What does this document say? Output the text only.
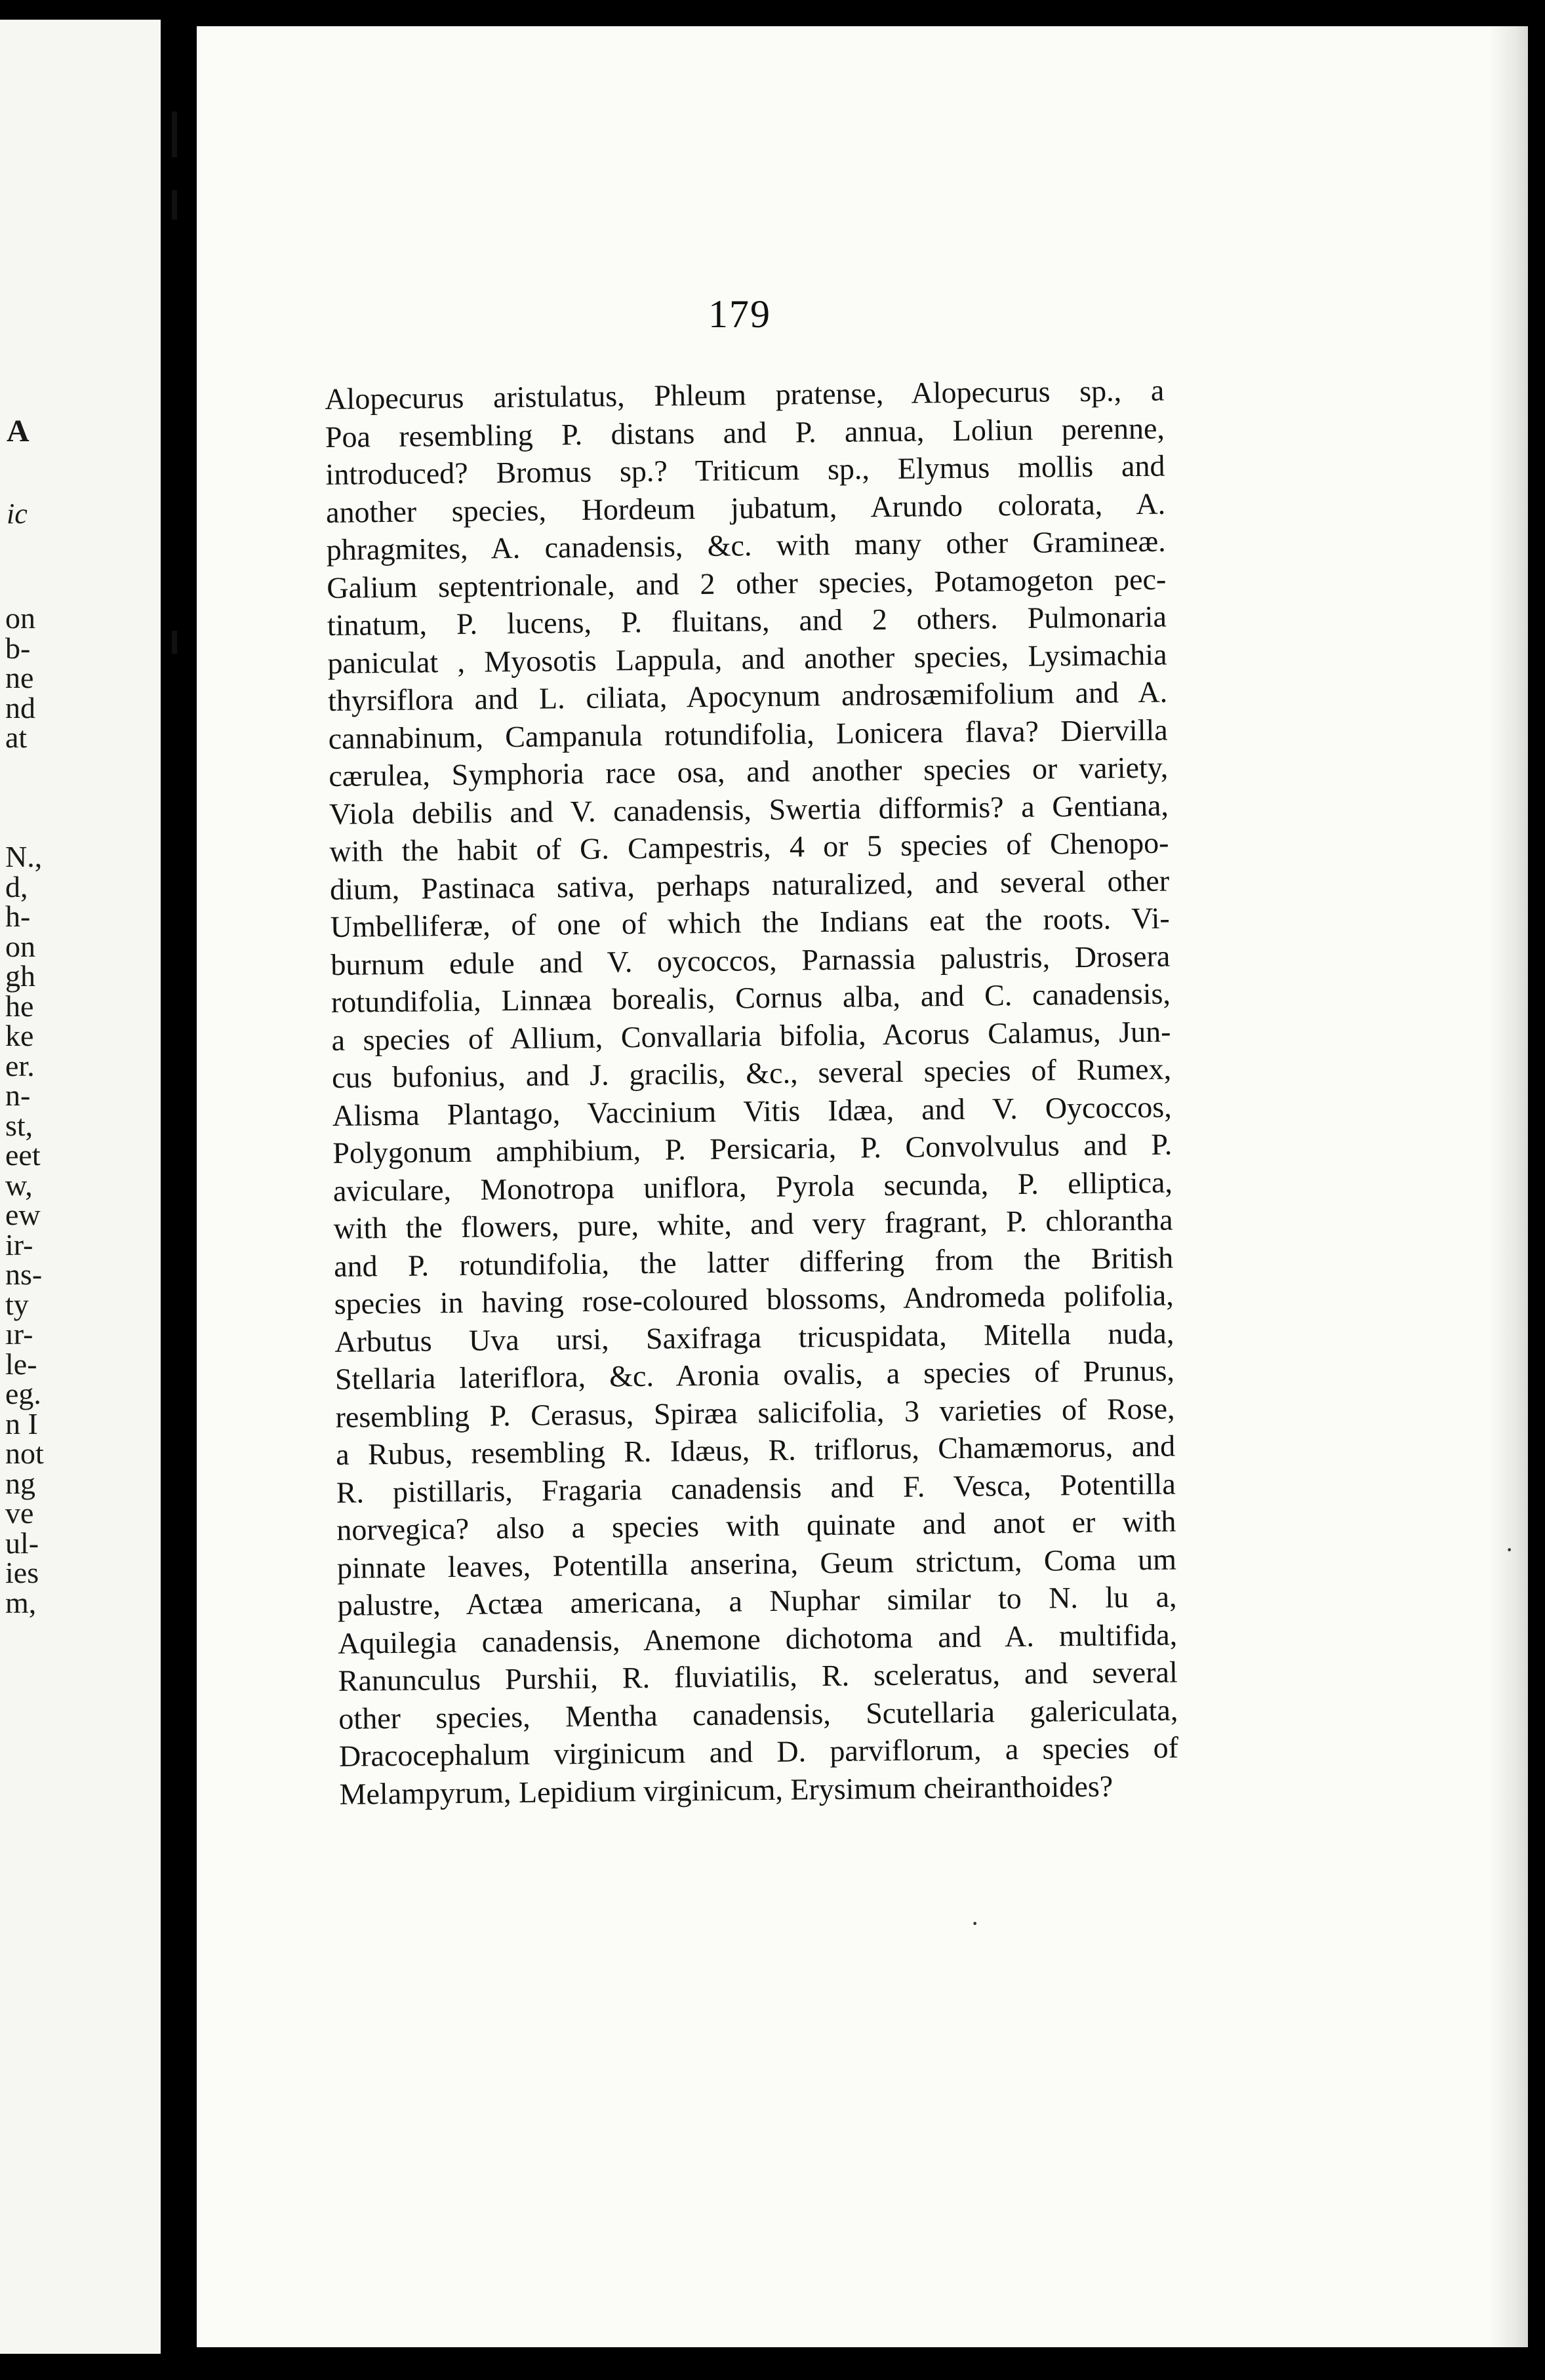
A
ic
on
b-
ne
nd
at
N.,
d,
h-
on
gh
he
ke
er.
n-
st,
eet
w,
ew
ir-
ns-
ty
ır-
le-
eg.
n I
not
ng
ve
ul-
ies
m,
·
·
179
Alopecurus aristulatus, Phleum pratense, Alopecurus sp., a
Poa resembling P. distans and P. annua, Loliun perenne,
introduced? Bromus sp.? Triticum sp., Elymus mollis and
another species, Hordeum jubatum, Arundo colorata, A.
phragmites, A. canadensis, &c. with many other Gramineæ.
Galium septentrionale, and 2 other species, Potamogeton pec-
tinatum, P. lucens, P. fluitans, and 2 others. Pulmonaria
paniculat , Myosotis Lappula, and another species, Lysimachia
thyrsiflora and L. ciliata, Apocynum androsæmifolium and A.
cannabinum, Campanula rotundifolia, Lonicera flava? Diervilla
cærulea, Symphoria race osa, and another species or variety,
Viola debilis and V. canadensis, Swertia difformis? a Gentiana,
with the habit of G. Campestris, 4 or 5 species of Chenopo-
dium, Pastinaca sativa, perhaps naturalized, and several other
Umbelliferæ, of one of which the Indians eat the roots. Vi-
burnum edule and V. oycoccos, Parnassia palustris, Drosera
rotundifolia, Linnæa borealis, Cornus alba, and C. canadensis,
a species of Allium, Convallaria bifolia, Acorus Calamus, Jun-
cus bufonius, and J. gracilis, &c., several species of Rumex,
Alisma Plantago, Vaccinium Vitis Idæa, and V. Oycoccos,
Polygonum amphibium, P. Persicaria, P. Convolvulus and P.
aviculare, Monotropa uniflora, Pyrola secunda, P. elliptica,
with the flowers, pure, white, and very fragrant, P. chlorantha
and P. rotundifolia, the latter differing from the British
species in having rose-coloured blossoms, Andromeda polifolia,
Arbutus Uva ursi, Saxifraga tricuspidata, Mitella nuda,
Stellaria lateriflora, &c. Aronia ovalis, a species of Prunus,
resembling P. Cerasus, Spiræa salicifolia, 3 varieties of Rose,
a Rubus, resembling R. Idæus, R. triflorus, Chamæmorus, and
R. pistillaris, Fragaria canadensis and F. Vesca, Potentilla
norvegica? also a species with quinate and anot er with
pinnate leaves, Potentilla anserina, Geum strictum, Coma um
palustre, Actæa americana, a Nuphar similar to N. lu a,
Aquilegia canadensis, Anemone dichotoma and A. multifida,
Ranunculus Purshii, R. fluviatilis, R. sceleratus, and several
other species, Mentha canadensis, Scutellaria galericulata,
Dracocephalum virginicum and D. parviflorum, a species of
Melampyrum, Lepidium virginicum, Erysimum cheiranthoides?
